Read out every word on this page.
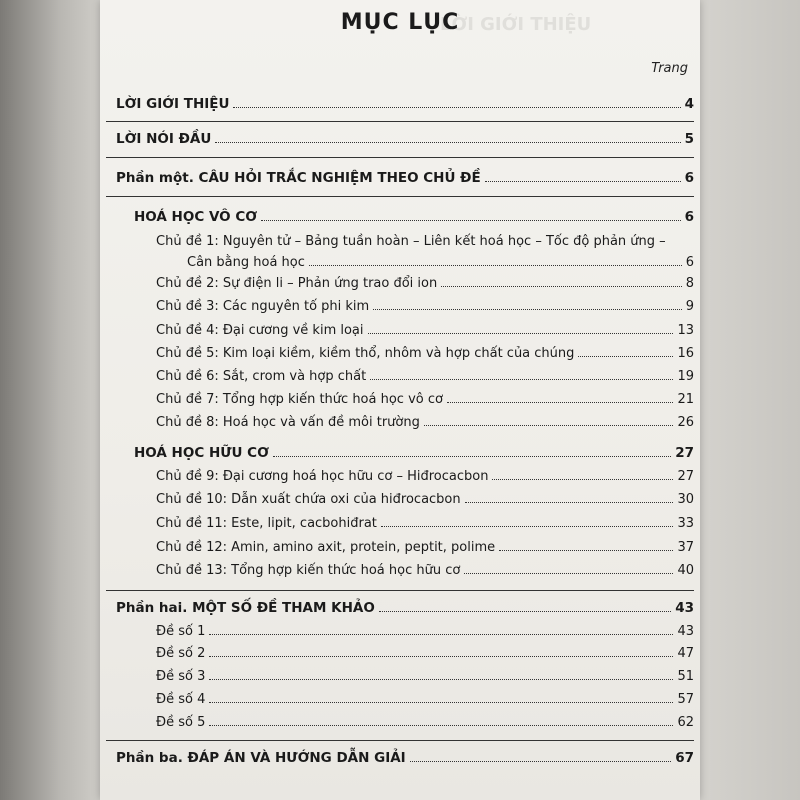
LỜI GIỚI THIỆU
MỤC LỤC
Trang
LỜI GIỚI THIỆU	4
LỜI NÓI ĐẦU	5
Phần một. CÂU HỎI TRẮC NGHIỆM THEO CHỦ ĐỀ	6
HOÁ HỌC VÔ CƠ	6
Chủ đề 1: Nguyên tử – Bảng tuần hoàn – Liên kết hoá học – Tốc độ phản ứng –
Cân bằng hoá học	6
Chủ đề 2: Sự điện li – Phản ứng trao đổi ion	8
Chủ đề 3: Các nguyên tố phi kim	9
Chủ đề 4: Đại cương về kim loại	13
Chủ đề 5: Kim loại kiềm, kiềm thổ, nhôm và hợp chất của chúng	16
Chủ đề 6: Sắt, crom và hợp chất	19
Chủ đề 7: Tổng hợp kiến thức hoá học vô cơ	21
Chủ đề 8: Hoá học và vấn đề môi trường	26
HOÁ HỌC HỮU CƠ	27
Chủ đề 9: Đại cương hoá học hữu cơ – Hiđrocacbon	27
Chủ đề 10: Dẫn xuất chứa oxi của hiđrocacbon	30
Chủ đề 11: Este, lipit, cacbohiđrat	33
Chủ đề 12: Amin, amino axit, protein, peptit, polime	37
Chủ đề 13: Tổng hợp kiến thức hoá học hữu cơ	40
Phần hai. MỘT SỐ ĐỀ THAM KHẢO	43
Đề số 1	43
Đề số 2	47
Đề số 3	51
Đề số 4	57
Đề số 5	62
Phần ba. ĐÁP ÁN VÀ HƯỚNG DẪN GIẢI	67
